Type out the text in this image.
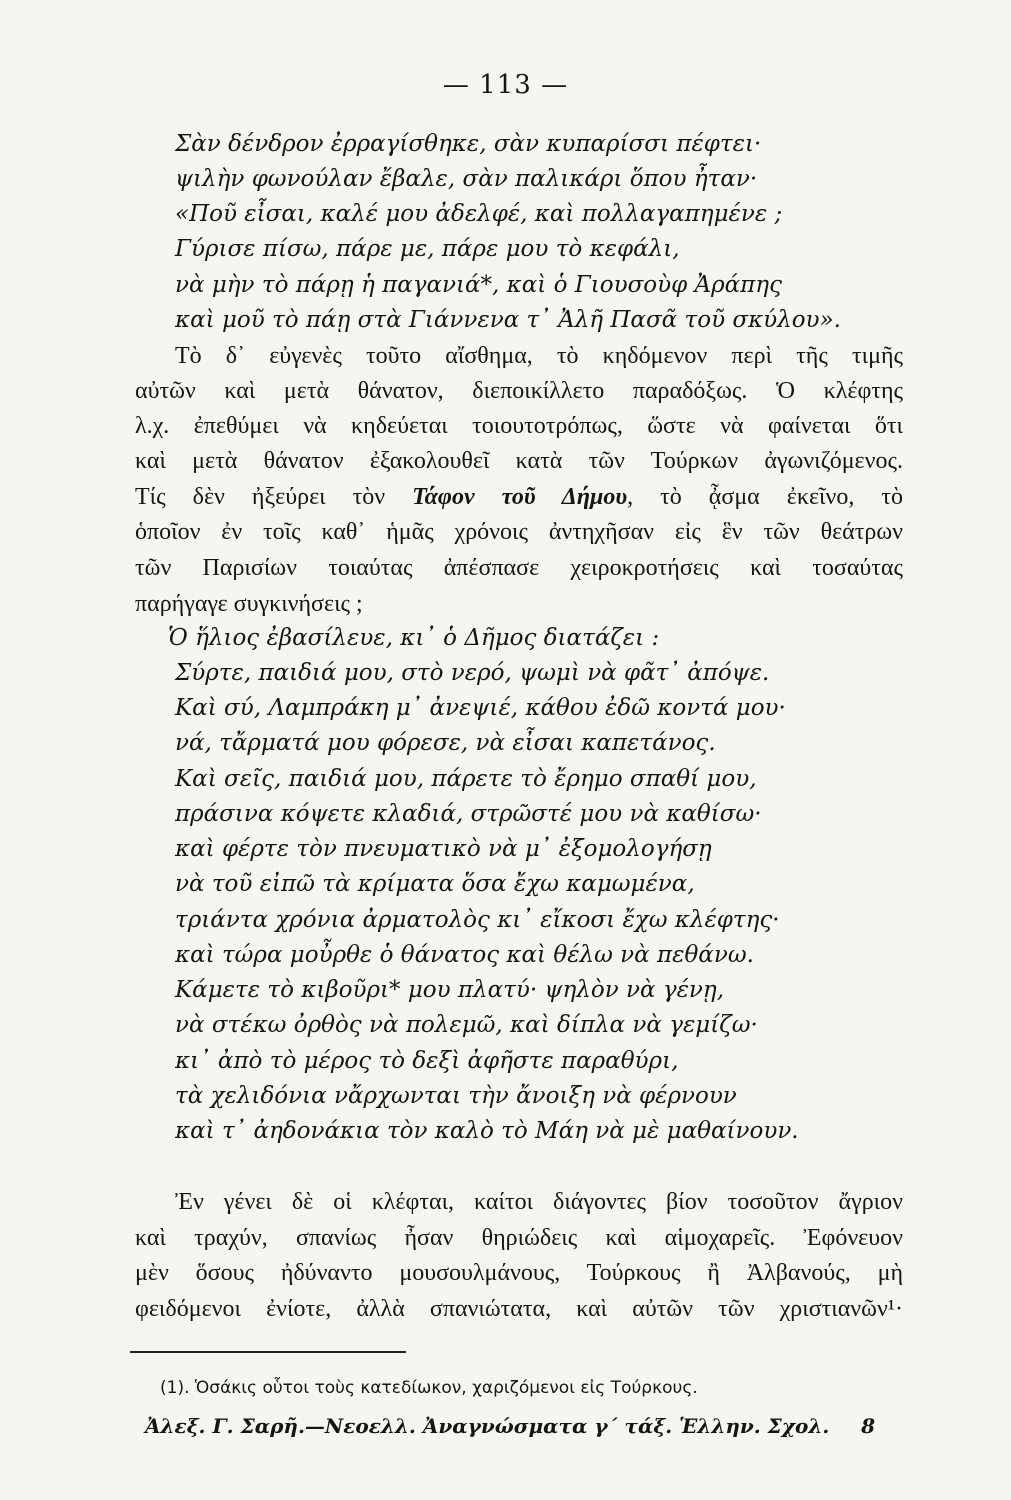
— 113 —
Σὰν δένδρον ἐρραγίσθηκε, σὰν κυπαρίσσι πέφτει·
ψιλὴν φωνούλαν ἔβαλε, σὰν παλικάρι ὅπου ἦταν·
«Ποῦ εἶσαι, καλέ μου ἀδελφέ, καὶ πολλαγαπημένε ;
Γύρισε πίσω, πάρε με, πάρε μου τὸ κεφάλι,
νὰ μὴν τὸ πάρῃ ἡ παγανιά*, καὶ ὁ Γιουσοὺφ Ἀράπης
καὶ μοῦ τὸ πάῃ στὰ Γιάννενα τ᾿ Ἀλῆ Πασᾶ τοῦ σκύλου».
Τὸ δ᾿ εὐγενὲς τοῦτο αἴσθημα, τὸ κηδόμενον περὶ τῆς τιμῆς
αὐτῶν καὶ μετὰ θάνατον, διεποικίλλετο παραδόξως. Ὁ κλέφτης
λ.χ. ἐπεθύμει νὰ κηδεύεται τοιουτοτρόπως, ὥστε νὰ φαίνεται ὅτι
καὶ μετὰ θάνατον ἐξακολουθεῖ κατὰ τῶν Τούρκων ἀγωνιζόμενος.
Τίς δὲν ἠξεύρει τὸν Τάφον τοῦ Δήμου, τὸ ᾆσμα ἐκεῖνο, τὸ
ὁποῖον ἐν τοῖς καθ᾿ ἡμᾶς χρόνοις ἀντηχῆσαν εἰς ἓν τῶν θεάτρων
τῶν Παρισίων τοιαύτας ἀπέσπασε χειροκροτήσεις καὶ τοσαύτας
παρήγαγε συγκινήσεις ;
Ὁ ἥλιος ἐβασίλευε, κι᾿ ὁ Δῆμος διατάζει :
Σύρτε, παιδιά μου, στὸ νερό, ψωμὶ νὰ φᾶτ᾿ ἀπόψε.
Καὶ σύ, Λαμπράκη μ᾿ ἀνεψιέ, κάθου ἐδῶ κοντά μου·
νά, τἄρματά μου φόρεσε, νὰ εἶσαι καπετάνος.
Καὶ σεῖς, παιδιά μου, πάρετε τὸ ἔρημο σπαθί μου,
πράσινα κόψετε κλαδιά, στρῶστέ μου νὰ καθίσω·
καὶ φέρτε τὸν πνευματικὸ νὰ μ᾿ ἐξομολογήσῃ
νὰ τοῦ εἰπῶ τὰ κρίματα ὅσα ἔχω καμωμένα,
τριάντα χρόνια ἀρματολὸς κι᾿ εἴκοσι ἔχω κλέφτης·
καὶ τώρα μοὖρθε ὁ θάνατος καὶ θέλω νὰ πεθάνω.
Κάμετε τὸ κιβοῦρι* μου πλατύ· ψηλὸν νὰ γένῃ,
νὰ στέκω ὀρθὸς νὰ πολεμῶ, καὶ δίπλα νὰ γεμίζω·
κι᾿ ἀπὸ τὸ μέρος τὸ δεξὶ ἀφῆστε παραθύρι,
τὰ χελιδόνια νἄρχωνται τὴν ἄνοιξη νὰ φέρνουν
καὶ τ᾿ ἀηδονάκια τὸν καλὸ τὸ Μάη νὰ μὲ μαθαίνουν.
Ἐν γένει δὲ οἱ κλέφται, καίτοι διάγοντες βίον τοσοῦτον ἄγριον
καὶ τραχύν, σπανίως ἦσαν θηριώδεις καὶ αἱμοχαρεῖς. Ἐφόνευον
μὲν ὅσους ἠδύναντο μουσουλμάνους, Τούρκους ἢ Ἀλβανούς, μὴ
φειδόμενοι ἐνίοτε, ἀλλὰ σπανιώτατα, καὶ αὐτῶν τῶν χριστιανῶν¹·
(1). Ὁσάκις οὗτοι τοὺς κατεδίωκον, χαριζόμενοι εἰς Τούρκους.
Ἀλεξ. Γ. Σαρῆ.—Νεοελλ. Ἀναγνώσματα γ´ τάξ. Ἑλλην. Σχολ. 8
